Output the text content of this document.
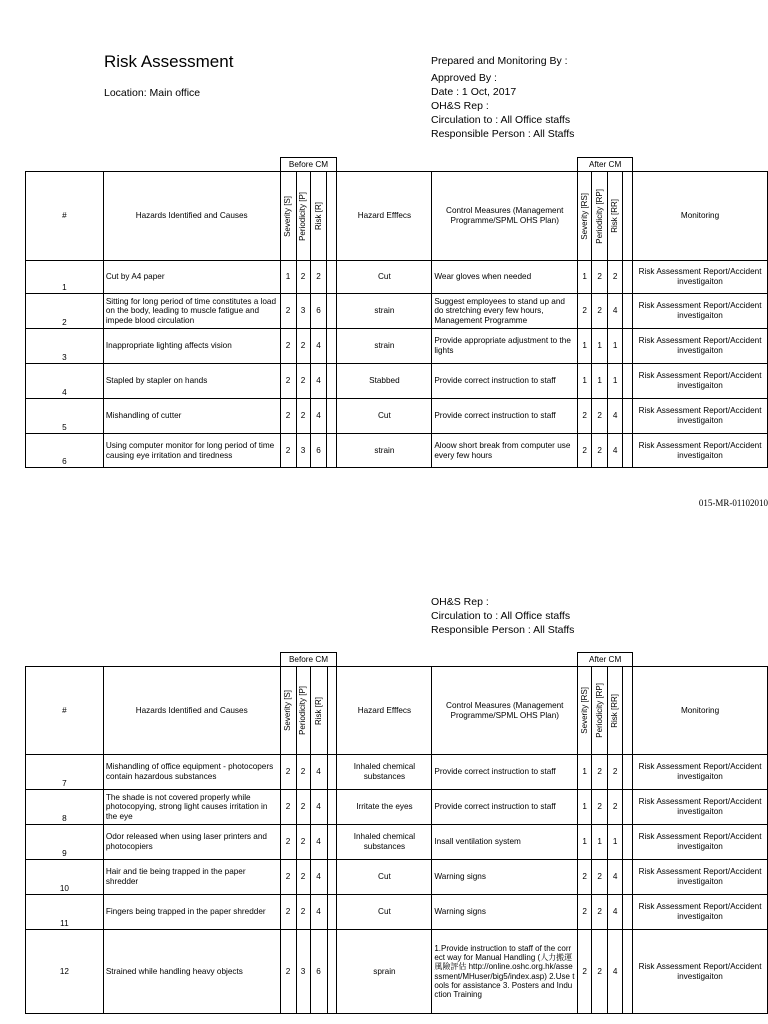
Risk Assessment
Location: Main office
Prepared and Monitoring By :
Approved By :
Date : 1 Oct, 2017
OH&S Rep :
Circulation to : All Office staffs
Responsible Person : All Staffs
		Before CM						After CM				
#	Hazards Identified and Causes	Severity [S]	Periodicity [P]	Risk [R]		Hazard Efffecs	Control Measures (Management Programme/SPML OHS Plan)	Severity [RS]	Periodicity [RP]	Risk [RR]		Monitoring
1	Cut by A4 paper	1	2	2		Cut	Wear gloves when needed	1	2	2		Risk Assessment Report/Accident investigaiton
2	Sitting for long period of time constitutes a load on the body, leading to muscle fatigue and impede blood circulation	2	3	6		strain	Suggest employees to stand up and do stretching every few hours, Management Programme	2	2	4		Risk Assessment Report/Accident investigaiton
3	Inappropriate lighting affects vision	2	2	4		strain	Provide appropriate adjustment to the lights	1	1	1		Risk Assessment Report/Accident investigaiton
4	Stapled by stapler on hands	2	2	4		Stabbed	Provide correct instruction to staff	1	1	1		Risk Assessment Report/Accident investigaiton
5	Mishandling of cutter	2	2	4		Cut	Provide correct instruction to staff	2	2	4		Risk Assessment Report/Accident investigaiton
6	Using computer monitor for long period of time causing eye irritation and tiredness	2	3	6		strain	Aloow short break from computer use every few hours	2	2	4		Risk Assessment Report/Accident investigaiton
015-MR-01102010
OH&S Rep :
Circulation to : All Office staffs
Responsible Person : All Staffs
		Before CM						After CM				
#	Hazards Identified and Causes	Severity [S]	Periodicity [P]	Risk [R]		Hazard Efffecs	Control Measures (Management Programme/SPML OHS Plan)	Severity [RS]	Periodicity [RP]	Risk [RR]		Monitoring
7	Mishandling of office equipment - photocopers contain hazardous substances	2	2	4		Inhaled chemical substances	Provide correct instruction to staff	1	2	2		Risk Assessment Report/Accident investigaiton
8	The shade is not covered properly while photocopying, strong light causes irritation in the eye	2	2	4		Irritate the eyes	Provide correct instruction to staff	1	2	2		Risk Assessment Report/Accident investigaiton
9	Odor released when using laser printers and photocopiers	2	2	4		Inhaled chemical substances	Insall ventilation system	1	1	1		Risk Assessment Report/Accident investigaiton
10	Hair and tie being trapped in the paper shredder	2	2	4		Cut	Warning signs	2	2	4		Risk Assessment Report/Accident investigaiton
11	Fingers being trapped in the paper shredder	2	2	4		Cut	Warning signs	2	2	4		Risk Assessment Report/Accident investigaiton
12	Strained while handling heavy objects	2	3	6		sprain	1.Provide instruction to staff of the correct way for Manual Handling (人力搬運風險評估 http://online.oshc.org.hk/assessment/MHuser/big5/index.asp) 2.Use tools for assistance 3. Posters and Induction Training	2	2	4		Risk Assessment Report/Accident investigaiton
